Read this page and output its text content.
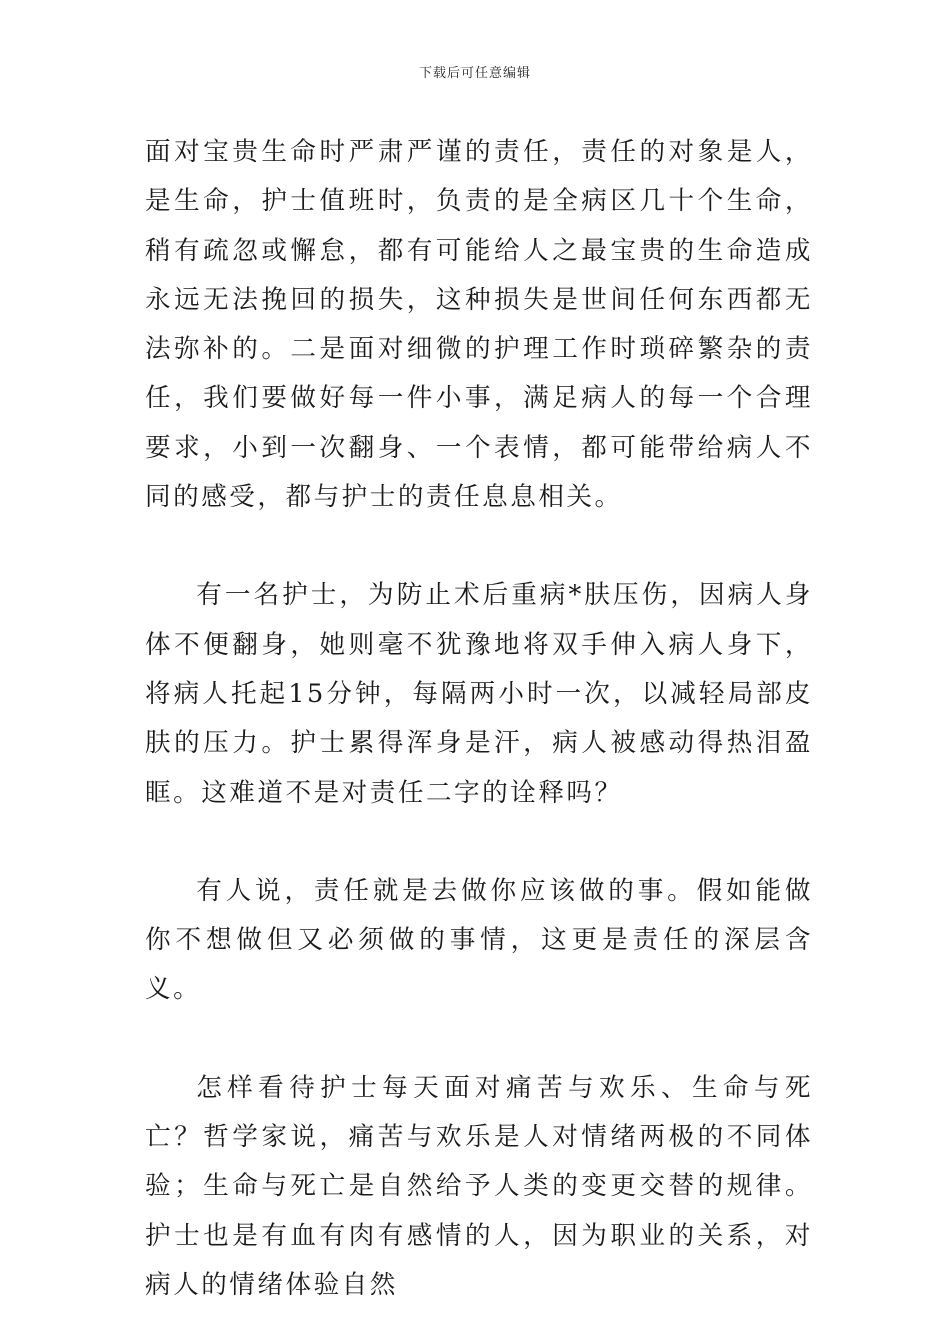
下载后可任意编辑

面对宝贵生命时严肃严谨的责任，责任的对象是人，是生命，护士值班时，负责的是全病区几十个生命，稍有疏忽或懈怠，都有可能给人之最宝贵的生命造成永远无法挽回的损失，这种损失是世间任何东西都无法弥补的。二是面对细微的护理工作时琐碎繁杂的责任，我们要做好每一件小事，满足病人的每一个合理要求，小到一次翻身、一个表情，都可能带给病人不同的感受，都与护士的责任息息相关。

有一名护士，为防止术后重病*肤压伤，因病人身体不便翻身，她则毫不犹豫地将双手伸入病人身下，将病人托起15分钟，每隔两小时一次，以减轻局部皮肤的压力。护士累得浑身是汗，病人被感动得热泪盈眶。这难道不是对责任二字的诠释吗？

有人说，责任就是去做你应该做的事。假如能做你不想做但又必须做的事情，这更是责任的深层含义。

怎样看待护士每天面对痛苦与欢乐、生命与死亡？哲学家说，痛苦与欢乐是人对情绪两极的不同体验；生命与死亡是自然给予人类的变更交替的规律。护士也是有血有肉有感情的人，因为职业的关系，对病人的情绪体验自然
